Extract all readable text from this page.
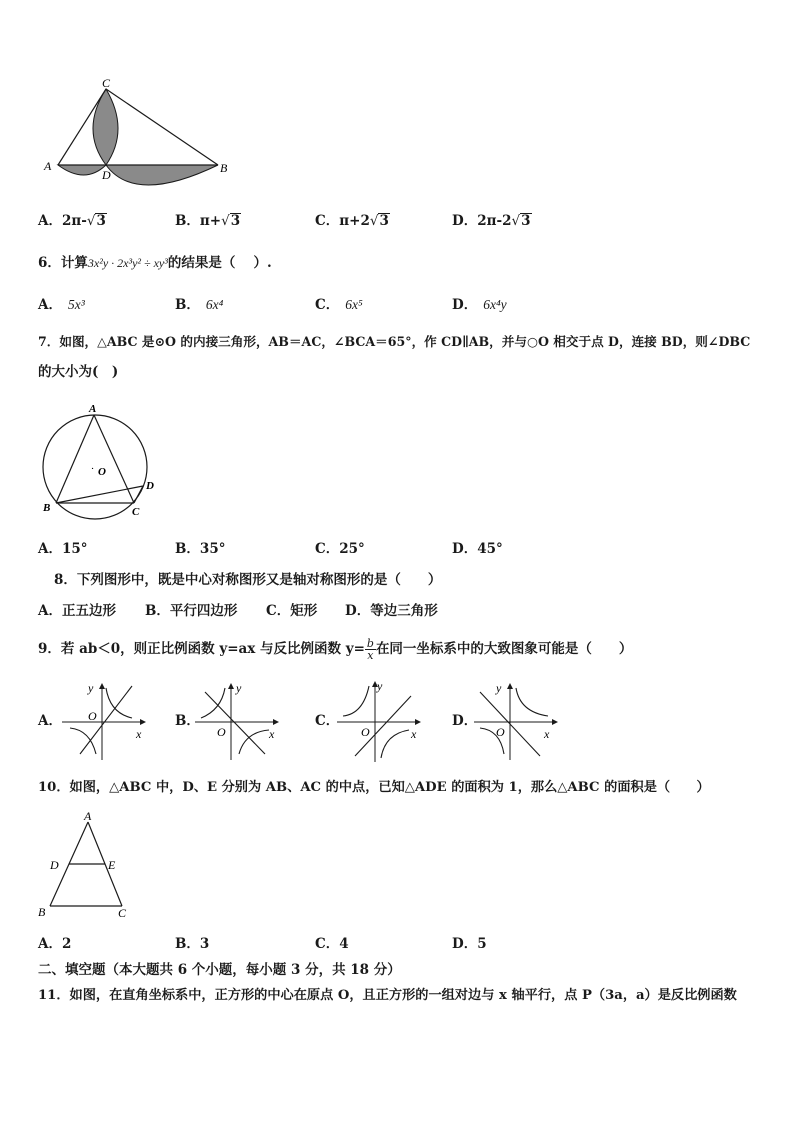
C
A
D	B
A．2π-√3	B．π+√3	C．π+2√3	D．2π-2√3
6．计算3x²y · 2x³y² ÷ xy³的结果是（　 ）.
A． 5x³	B． 6x⁴	C． 6x⁵	D． 6x⁴y
7．如图，△ABC 是⊙O 的内接三角形，AB＝AC，∠BCA＝65°，作 CD∥AB，并与○O 相交于点 D，连接 BD，则∠DBC
的大小为(　)
A
· O
D
B	C
A．15°	B．35°	C．25°	D．45°
8．下列图形中，既是中心对称图形又是轴对称图形的是（　　）
A．正五边形 B．平行四边形 C．矩形 D．等边三角形
9．若 ab＜0，则正比例函数 y=ax 与反比例函数 $y= \frac{b}{x}$ 在同一坐标系中的大致图象可能是（　　）
A．
y
O
x
B．
y
O	x
C．
y
O	x
D．
y
O	x
10．如图，△ABC 中，D、E 分别为 AB、AC 的中点，已知△ADE 的面积为 1，那么△ABC 的面积是（　　）
A
D	E
B	C
A．2	B．3	C．4	D．5
二、填空题（本大题共 6 个小题，每小题 3 分，共 18 分）
11．如图，在直角坐标系中，正方形的中心在原点 O，且正方形的一组对边与 x 轴平行，点 P（3a，a）是反比例函数
